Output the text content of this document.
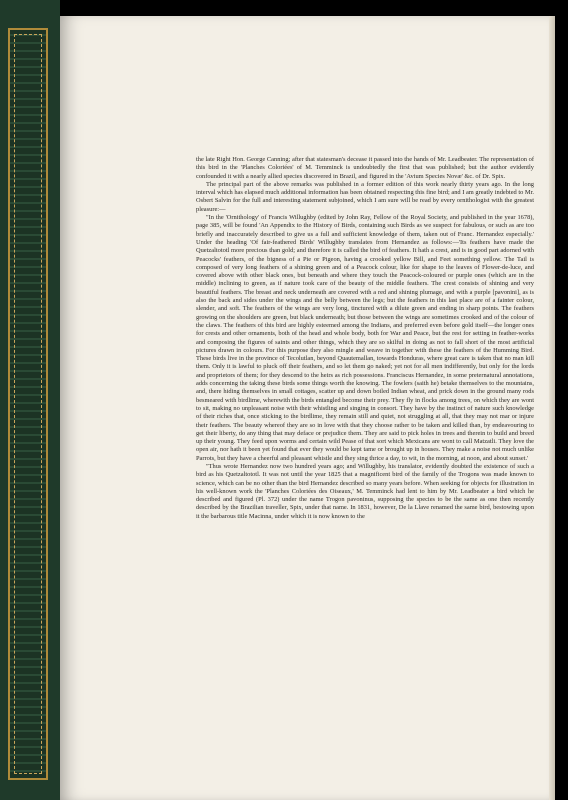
the late Right Hon. George Canning; after that statesman's decease it passed into the hands of Mr. Leadbeater. The representation of this bird in the 'Planches Coloriées' of M. Temminck is undoubtedly the first that was published; but the author evidently confounded it with a nearly allied species discovered in Brazil, and figured in the 'Avium Species Novæ' &c. of Dr. Spix.

The principal part of the above remarks was published in a former edition of this work nearly thirty years ago. In the long interval which has elapsed much additional information has been obtained respecting this fine bird; and I am greatly indebted to Mr. Osbert Salvin for the full and interesting statement subjoined, which I am sure will be read by every ornithologist with the greatest pleasure:—

"In the 'Ornithology' of Francis Willughby (edited by John Ray, Fellow of the Royal Society, and published in the year 1678), page 385, will be found 'An Appendix to the History of Birds, containing such Birds as we suspect for fabulous, or such as are too briefly and inaccurately described to give us a full and sufficient knowledge of them, taken out of Franc. Hernandez especially.' Under the heading 'Of fair-feathered Birds' Willughby translates from Hernandez as follows:—'Its feathers have made the Quetzaltototl more precious than gold; and therefore it is called the bird of feathers. It hath a crest, and is in good part adorned with Peacocks' feathers, of the bigness of a Pie or Pigeon, having a crooked yellow Bill, and Feet something yellow. The Tail is composed of very long feathers of a shining green and of a Peacock colour, like for shape to the leaves of Flower-de-luce, and covered above with other black ones, but beneath and where they touch the Peacock-coloured or purple ones (which are in the middle) inclining to green, as if nature took care of the beauty of the middle feathers. The crest consists of shining and very beautiful feathers. The breast and neck underneath are covered with a red and shining plumage, and with a purple [pavonini], as is also the back and sides under the wings and the belly between the legs; but the feathers in this last place are of a fainter colour, slender, and soft. The feathers of the wings are very long, tinctured with a dilute green and ending in sharp points. The feathers growing on the shoulders are green, but black underneath; but those between the wings are sometimes crooked and of the colour of the claws. The feathers of this bird are highly esteemed among the Indians, and preferred even before gold itself—the longer ones for crests and other ornaments, both of the head and whole body, both for War and Peace, but the rest for setting in feather-works and composing the figures of saints and other things, which they are so skilful in doing as not to fall short of the most artificial pictures drawn in colours. For this purpose they also mingle and weave in together with these the feathers of the Humming Bird. These birds live in the province of Tecolutlan, beyond Quautemallan, towards Honduras, where great care is taken that no man kill them. Only it is lawful to pluck off their feathers, and so let them go naked; yet not for all men indifferently, but only for the lords and proprietors of them; for they descend to the heirs as rich possessions. Franciscus Hernandez, in some preternatural annotations, adds concerning the taking these birds some things worth the knowing. The fowlers (saith he) betake themselves to the mountains, and, there hiding themselves in small cottages, scatter up and down boiled Indian wheat, and prick down in the ground many rods besmeared with birdlime, wherewith the birds entangled become their prey. They fly in flocks among trees, on which they are wont to sit, making no unpleasant noise with their whistling and singing in consort. They have by the instinct of nature such knowledge of their riches that, once sticking to the birdlime, they remain still and quiet, not struggling at all, that they may not mar or injure their feathers. The beauty whereof they are so in love with that they choose rather to be taken and killed than, by endeavouring to get their liberty, do any thing that may deface or prejudice them. They are said to pick holes in trees and therein to build and breed up their young. They feed upon worms and certain wild Pease of that sort which Mexicans are wont to call Matzatli. They love the open air, nor hath it been yet found that ever they would be kept tame or brought up in houses. They make a noise not much unlike Parrots, but they have a cheerful and pleasant whistle and they sing thrice a day, to wit, in the morning, at noon, and about sunset.'

"Thus wrote Hernandez now two hundred years ago; and Willughby, his translator, evidently doubted the existence of such a bird as his Quetzaltototl. It was not until the year 1825 that a magnificent bird of the family of the Trogons was made known to science, which can be no other than the bird Hernandez described so many years before. When seeking for objects for illustration in his well-known work the 'Planches Coloriées des Oiseaux,' M. Temminck had lent to him by Mr. Leadbeater a bird which he described and figured (Pl. 372) under the name Trogon pavoninus, supposing the species to be the same as one then recently described by the Brazilian traveller, Spix, under that name. In 1831, however, De la Llave renamed the same bird, bestowing upon it the barbarous title Macinna, under which it is now known to the
